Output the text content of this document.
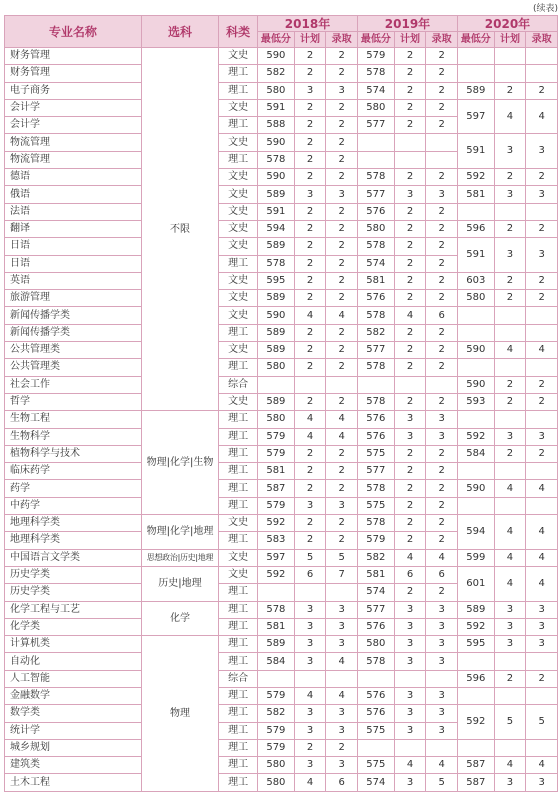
(续表)
专业名称	选科	科类	2018年			2019年			2020年		
			最低分	计划	录取	最低分	计划	录取	最低分	计划	录取
财务管理	不限	文史	590	2	2	579	2	2			
财务管理		理工	582	2	2	578	2	2			
电子商务		理工	580	3	3	574	2	2	589	2	2
会计学		文史	591	2	2	580	2	2	597	4	4
会计学		理工	588	2	2	577	2	2			
物流管理		文史	590	2	2				591	3	3
物流管理		理工	578	2	2						
德语		文史	590	2	2	578	2	2	592	2	2
俄语		文史	589	3	3	577	3	3	581	3	3
法语		文史	591	2	2	576	2	2			
翻译		文史	594	2	2	580	2	2	596	2	2
日语		文史	589	2	2	578	2	2	591	3	3
日语		理工	578	2	2	574	2	2			
英语		文史	595	2	2	581	2	2	603	2	2
旅游管理		文史	589	2	2	576	2	2	580	2	2
新闻传播学类		文史	590	4	4	578	4	6			
新闻传播学类		理工	589	2	2	582	2	2			
公共管理类		文史	589	2	2	577	2	2	590	4	4
公共管理类		理工	580	2	2	578	2	2			
社会工作		综合							590	2	2
哲学		文史	589	2	2	578	2	2	593	2	2
生物工程	物理|化学|生物	理工	580	4	4	576	3	3			
生物科学		理工	579	4	4	576	3	3	592	3	3
植物科学与技术		理工	579	2	2	575	2	2	584	2	2
临床药学		理工	581	2	2	577	2	2			
药学		理工	587	2	2	578	2	2	590	4	4
中药学		理工	579	3	3	575	2	2			
地理科学类	物理|化学|地理	文史	592	2	2	578	2	2	594	4	4
地理科学类		理工	583	2	2	579	2	2			
中国语言文学类	思想政治|历史|地理	文史	597	5	5	582	4	4	599	4	4
历史学类	历史|地理	文史	592	6	7	581	6	6	601	4	4
历史学类		理工				574	2	2			
化学工程与工艺	化学	理工	578	3	3	577	3	3	589	3	3
化学类		理工	581	3	3	576	3	3	592	3	3
计算机类	物理	理工	589	3	3	580	3	3	595	3	3
自动化		理工	584	3	4	578	3	3			
人工智能		综合							596	2	2
金融数学		理工	579	4	4	576	3	3			
数学类		理工	582	3	3	576	3	3	592	5	5
统计学		理工	579	3	3	575	3	3			
城乡规划		理工	579	2	2						
建筑类		理工	580	3	3	575	4	4	587	4	4
土木工程		理工	580	4	6	574	3	5	587	3	3
